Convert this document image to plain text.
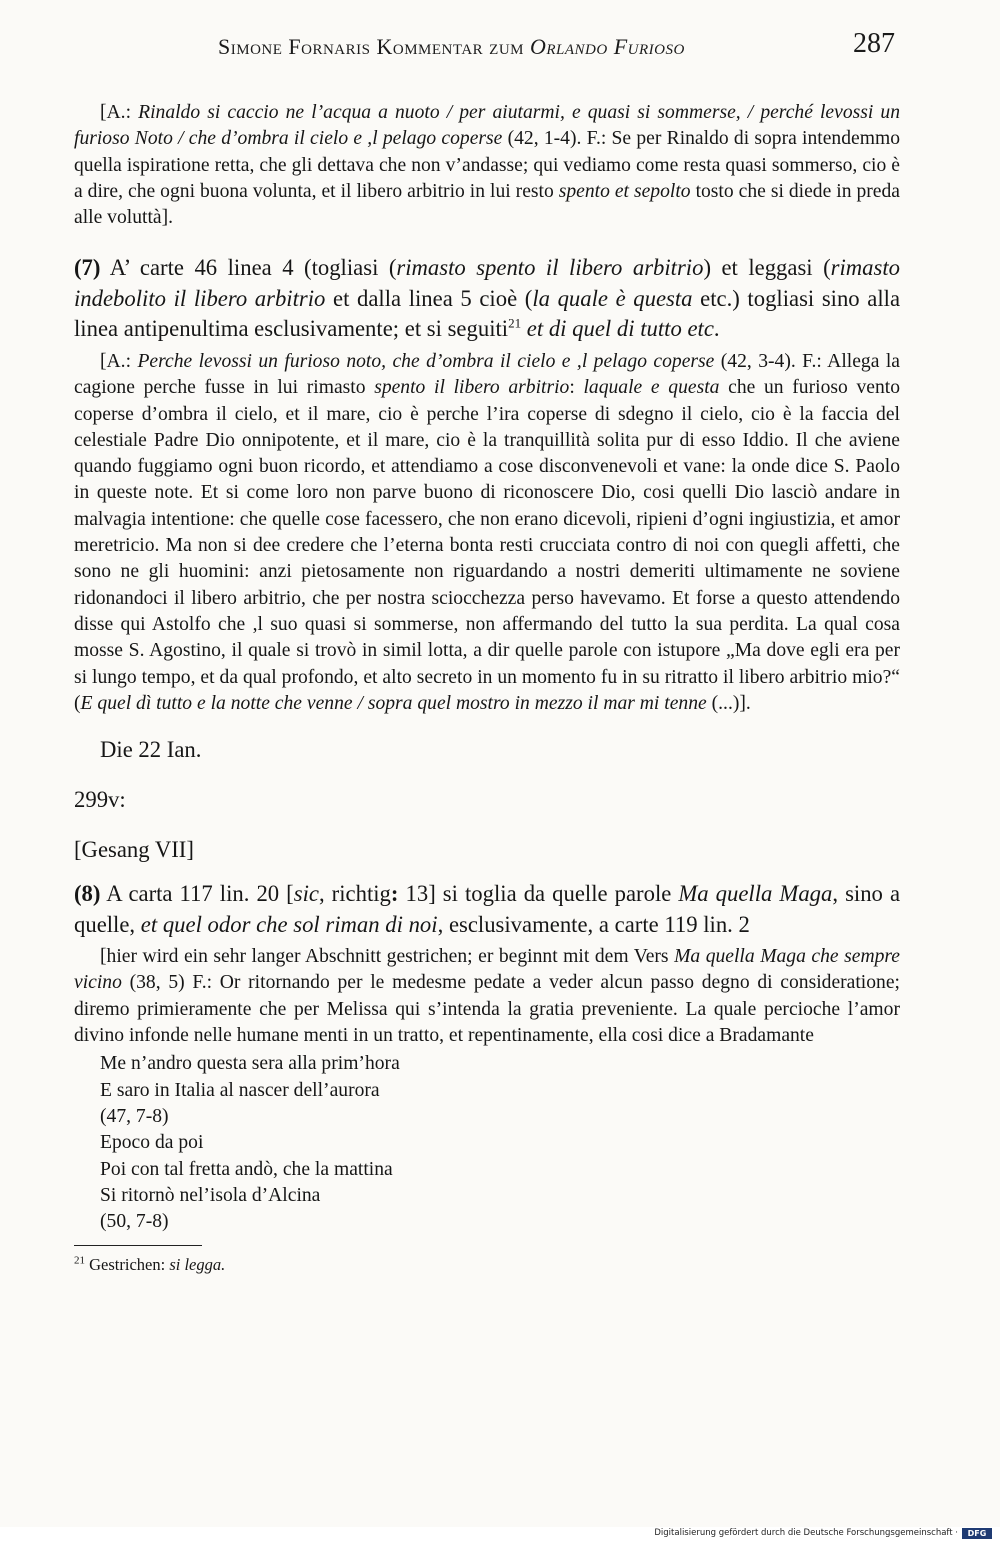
Simone Fornaris Kommentar zum Orlando Furioso	287

[A.: Rinaldo si caccio ne l’acqua a nuoto / per aiutarmi, e quasi si sommerse, / perché levossi un furioso Noto / che d’ombra il cielo e ,l pelago coperse (42, 1-4). F.: Se per Rinaldo di sopra intendemmo quella ispiratione retta, che gli dettava che non v’andasse; qui vediamo come resta quasi sommerso, cio è a dire, che ogni buona volunta, et il libero arbitrio in lui resto spento et sepolto tosto che si diede in preda alle voluttà].

(7) A’ carte 46 linea 4 (togliasi (rimasto spento il libero arbitrio) et leggasi (rimasto indebolito il libero arbitrio et dalla linea 5 cioè (la quale è questa etc.) togliasi sino alla linea antipenultima esclusivamente; et si seguiti$^{21}$ et di quel di tutto etc.

[A.: Perche levossi un furioso noto, che d’ombra il cielo e ,l pelago coperse (42, 3-4). F.: Allega la cagione perche fusse in lui rimasto spento il libero arbitrio: laquale e questa che un furioso vento coperse d’ombra il cielo, et il mare, cio è perche l’ira coperse di sdegno il cielo, cio è la faccia del celestiale Padre Dio onnipotente, et il mare, cio è la tranquillità solita pur di esso Iddio. Il che aviene quando fuggiamo ogni buon ricordo, et attendiamo a cose disconvenevoli et vane: la onde dice S. Paolo in queste note. Et si come loro non parve buono di riconoscere Dio, cosi quelli Dio lasciò andare in malvagia intentione: che quelle cose facessero, che non erano dicevoli, ripieni d’ogni ingiustizia, et amor meretricio. Ma non si dee credere che l’eterna bonta resti crucciata contro di noi con quegli affetti, che sono ne gli huomini: anzi pietosamente non riguardando a nostri demeriti ultimamente ne soviene ridonandoci il libero arbitrio, che per nostra sciocchezza perso havevamo. Et forse a questo attendendo disse qui Astolfo che ,l suo quasi si sommerse, non affermando del tutto la sua perdita. La qual cosa mosse S. Agostino, il quale si trovò in simil lotta, a dir quelle parole con istupore „Ma dove egli era per si lungo tempo, et da qual profondo, et alto secreto in un momento fu in su ritratto il libero arbitrio mio?“ (E quel dì tutto e la notte che venne / sopra quel mostro in mezzo il mar mi tenne (...)].

Die 22 Ian.

299v:

[Gesang VII]

(8) A carta 117 lin. 20 [sic, richtig: 13] si toglia da quelle parole Ma quella Maga, sino a quelle, et quel odor che sol riman di noi, esclusivamente, a carte 119 lin. 2

[hier wird ein sehr langer Abschnitt gestrichen; er beginnt mit dem Vers Ma quella Maga che sempre vicino (38, 5) F.: Or ritornando per le medesme pedate a veder alcun passo degno di consideratione; diremo primieramente che per Melissa qui s’intenda la gratia preveniente. La quale percioche l’amor divino infonde nelle humane menti in un tratto, et repentinamente, ella cosi dice a Bradamante

Me n’andro questa sera alla prim’hora

E saro in Italia al nascer dell’aurora

(47, 7-8)

Epoco da poi

Poi con tal fretta andò, che la mattina

Si ritornò nel’isola d’Alcina

(50, 7-8)

$^{21}$ Gestrichen: si legga.

Digitalisierung gefördert durch die Deutsche Forschungsgemeinschaft ·	DFG
